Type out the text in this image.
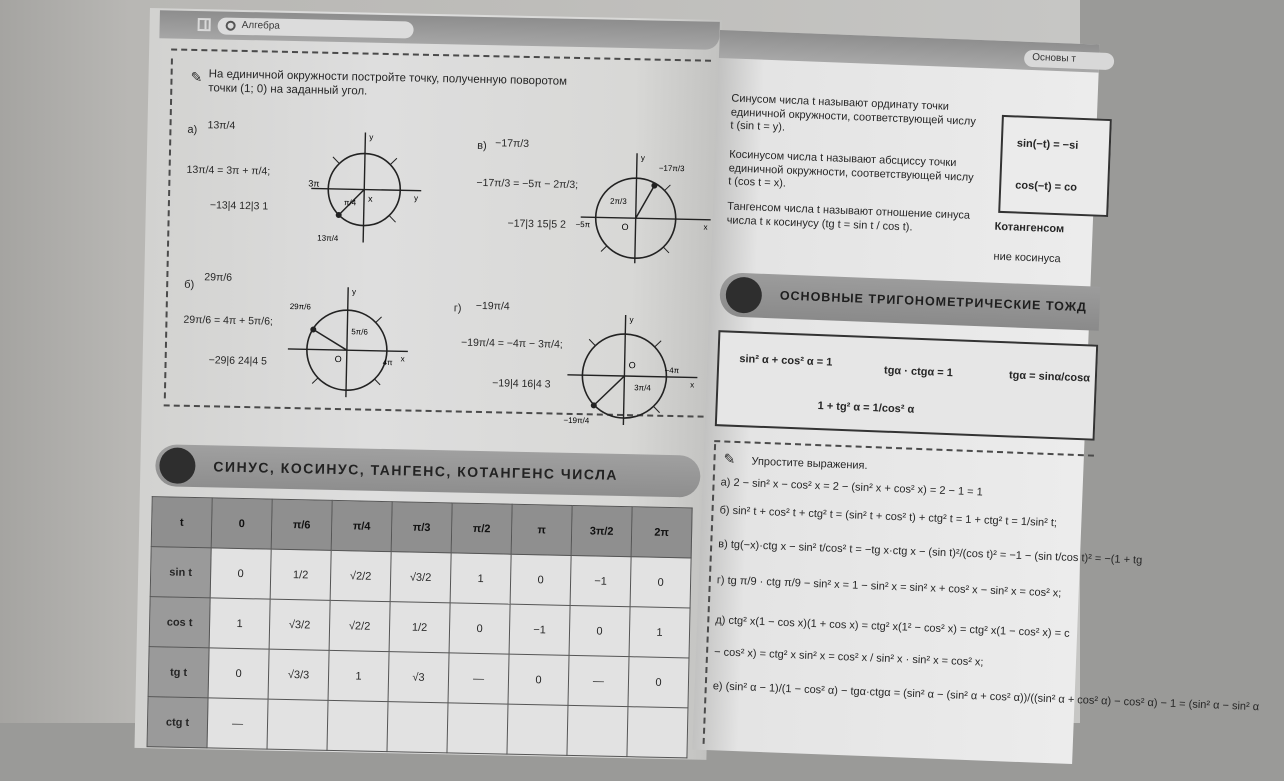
Алгебра
✎ На единичной окружности постройте точку, полученную поворотом точки (1; 0) на заданный угол.
а) 13π/4
13π/4 = 3π + π/4;
−13|4 12|3 1
в) −17π/3
−17π/3 = −5π − 2π/3;
−17|3 15|5 2
б)
29π/6
29π/6 = 4π + 5π/6;
−29|6 24|4 5
г) −19π/4
−19π/4 = −4π − 3π/4;
−19|4 16|4 3
x	y
y
3π
π/4
13π/4
O	x
y
−17π/3
2π/3
−5π
O	x
y
29π/6
5π/6
4π	O
x
y
−19π/4
3π/4
−4π
СИНУС, КОСИНУС, ТАНГЕНС, КОТАНГЕНС ЧИСЛА
t	0	π/6	π/4	π/3	π/2	π	3π/2	2π
sin t	0	1/2	√2/2	√3/2	1	0	−1	0
cos t	1	√3/2	√2/2	1/2	0	−1	0	1
tg t	0	√3/3	1	√3	—	0	—	0
ctg t	—							
Основы т
Синусом числа t называют ординату точки единичной окружности, соответствующей числу t (sin t = y).
Косинусом числа t называют абсциссу точки единичной окружности, соответствующей числу t (cos t = x).
Тангенсом числа t называют отношение синуса числа t к косинусу (tg t = sin t / cos t).
sin(−t) = −si
cos(−t) = co
Котангенсом
ние косинуса
ОСНОВНЫЕ ТРИГОНОМЕТРИЧЕСКИЕ ТОЖД
sin² α + cos² α = 1
tgα · ctgα = 1	tgα = sinα/cosα
1 + tg² α = 1/cos² α
✎ Упростите выражения.
а) 2 − sin² x − cos² x = 2 − (sin² x + cos² x) = 2 − 1 = 1
б) sin² t + cos² t + ctg² t = (sin² t + cos² t) + ctg² t = 1 + ctg² t = 1/sin² t;
в) tg(−x)·ctg x − sin² t/cos² t = −tg x·ctg x − (sin t)²/(cos t)² = −1 − (sin t/cos t)² = −(1 + tg
г) tg π/9 · ctg π/9 − sin² x = 1 − sin² x = sin² x + cos² x − sin² x = cos² x;
д) ctg² x(1 − cos x)(1 + cos x) = ctg² x(1² − cos² x) = ctg² x(1 − cos² x) = c
− cos² x) = ctg² x sin² x = cos² x / sin² x · sin² x = cos² x;
е) (sin² α − 1)/(1 − cos² α) − tgα·ctgα = (sin² α − (sin² α + cos² α))/((sin² α + cos² α) − cos² α) − 1 = (sin² α − sin² α
